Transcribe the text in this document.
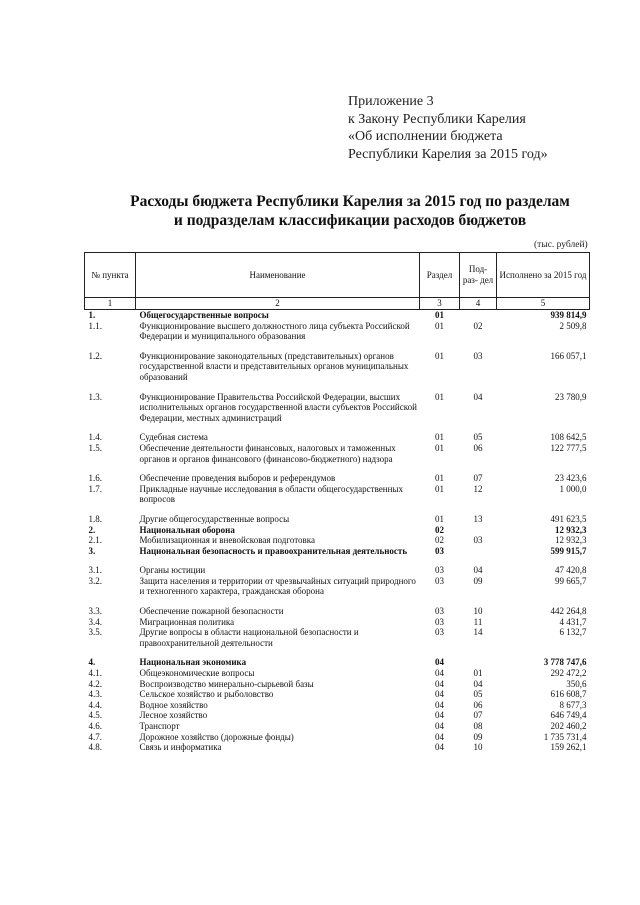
Приложение 3
к Закону Республики Карелия
«Об исполнении бюджета
Республики Карелия за 2015 год»
Расходы бюджета Республики Карелия за 2015 год по разделам
и подразделам классификации расходов бюджетов
(тыс. рублей)
№ пункта	Наименование	Раздел	Под- раз- дел	Исполнено за 2015 год
1	2	3	4	5
1.	Общегосударственные вопросы	01		939 814,9
1.1.	Функционирование высшего должностного лица субъекта Российской Федерации и муниципального образования	01	02	2 509,8
1.2.	Функционирование законодательных (представительных) органов государственной власти и представительных органов муниципальных образований	01	03	166 057,1
1.3.	Функционирование Правительства Российской Федерации, высших исполнительных органов государственной власти субъектов Российской Федерации, местных администраций	01	04	23 780,9
1.4.	Судебная система	01	05	108 642,5
1.5.	Обеспечение деятельности финансовых, налоговых и таможенных органов и органов финансового (финансово-бюджетного) надзора	01	06	122 777,5
1.6.	Обеспечение проведения выборов и референдумов	01	07	23 423,6
1.7.	Прикладные научные исследования в области общегосударственных вопросов	01	12	1 000,0
1.8.	Другие общегосударственные вопросы	01	13	491 623,5
2.	Национальная оборона	02		12 932,3
2.1.	Мобилизационная и вневойсковая подготовка	02	03	12 932,3
3.	Национальная безопасность и правоохранительная деятельность	03		599 915,7
3.1.	Органы юстиции	03	04	47 420,8
3.2.	Защита населения и территории от чрезвычайных ситуаций природного и техногенного характера, гражданская оборона	03	09	99 665,7
3.3.	Обеспечение пожарной безопасности	03	10	442 264,8
3.4.	Миграционная политика	03	11	4 431,7
3.5.	Другие вопросы в области национальной безопасности и правоохранительной деятельности	03	14	6 132,7
4.	Национальная экономика	04		3 778 747,6
4.1.	Общеэкономические вопросы	04	01	292 472,2
4.2.	Воспроизводство минерально-сырьевой базы	04	04	350,6
4.3.	Сельское хозяйство и рыболовство	04	05	616 608,7
4.4.	Водное хозяйство	04	06	8 677,3
4.5.	Лесное хозяйство	04	07	646 749,4
4.6.	Транспорт	04	08	202 460,2
4.7.	Дорожное хозяйство (дорожные фонды)	04	09	1 735 731,4
4.8.	Связь и информатика	04	10	159 262,1
